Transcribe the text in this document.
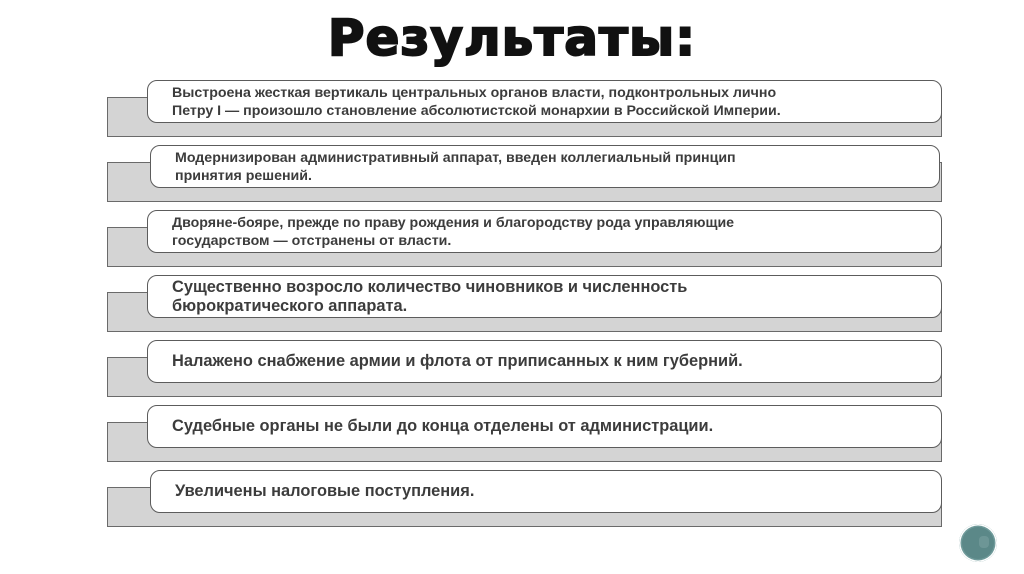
Результаты:
Выстроена жесткая вертикаль центральных органов власти, подконтрольных лично
Петру I — произошло становление абсолютистской монархии в Российской Империи.
Модернизирован административный аппарат, введен коллегиальный принцип
принятия решений.
Дворяне-бояре, прежде по праву рождения и благородству рода управляющие
государством — отстранены от власти.
Существенно возросло количество чиновников и численность
бюрократического аппарата.
Налажено снабжение армии и флота от приписанных к ним губерний.
Судебные органы не были до конца отделены от администрации.
Увеличены налоговые поступления.
